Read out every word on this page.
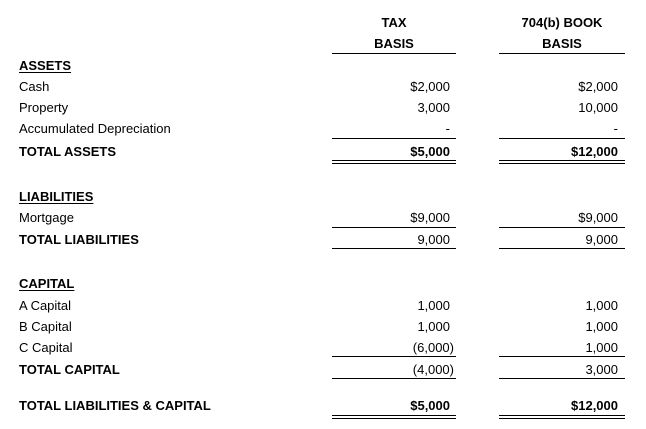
TAX
BASIS
704(b) BOOK
BASIS
ASSETS
Cash	$2,000	$2,000
Property	3,000	10,000
Accumulated Depreciation	-	-
TOTAL ASSETS	$5,000	$12,000
LIABILITIES
Mortgage	$9,000	$9,000
TOTAL LIABILITIES	9,000	9,000
CAPITAL
A Capital	1,000	1,000
B Capital	1,000	1,000
C Capital	(6,000)	1,000
TOTAL CAPITAL	(4,000)	3,000
TOTAL LIABILITIES & CAPITAL	$5,000	$12,000
